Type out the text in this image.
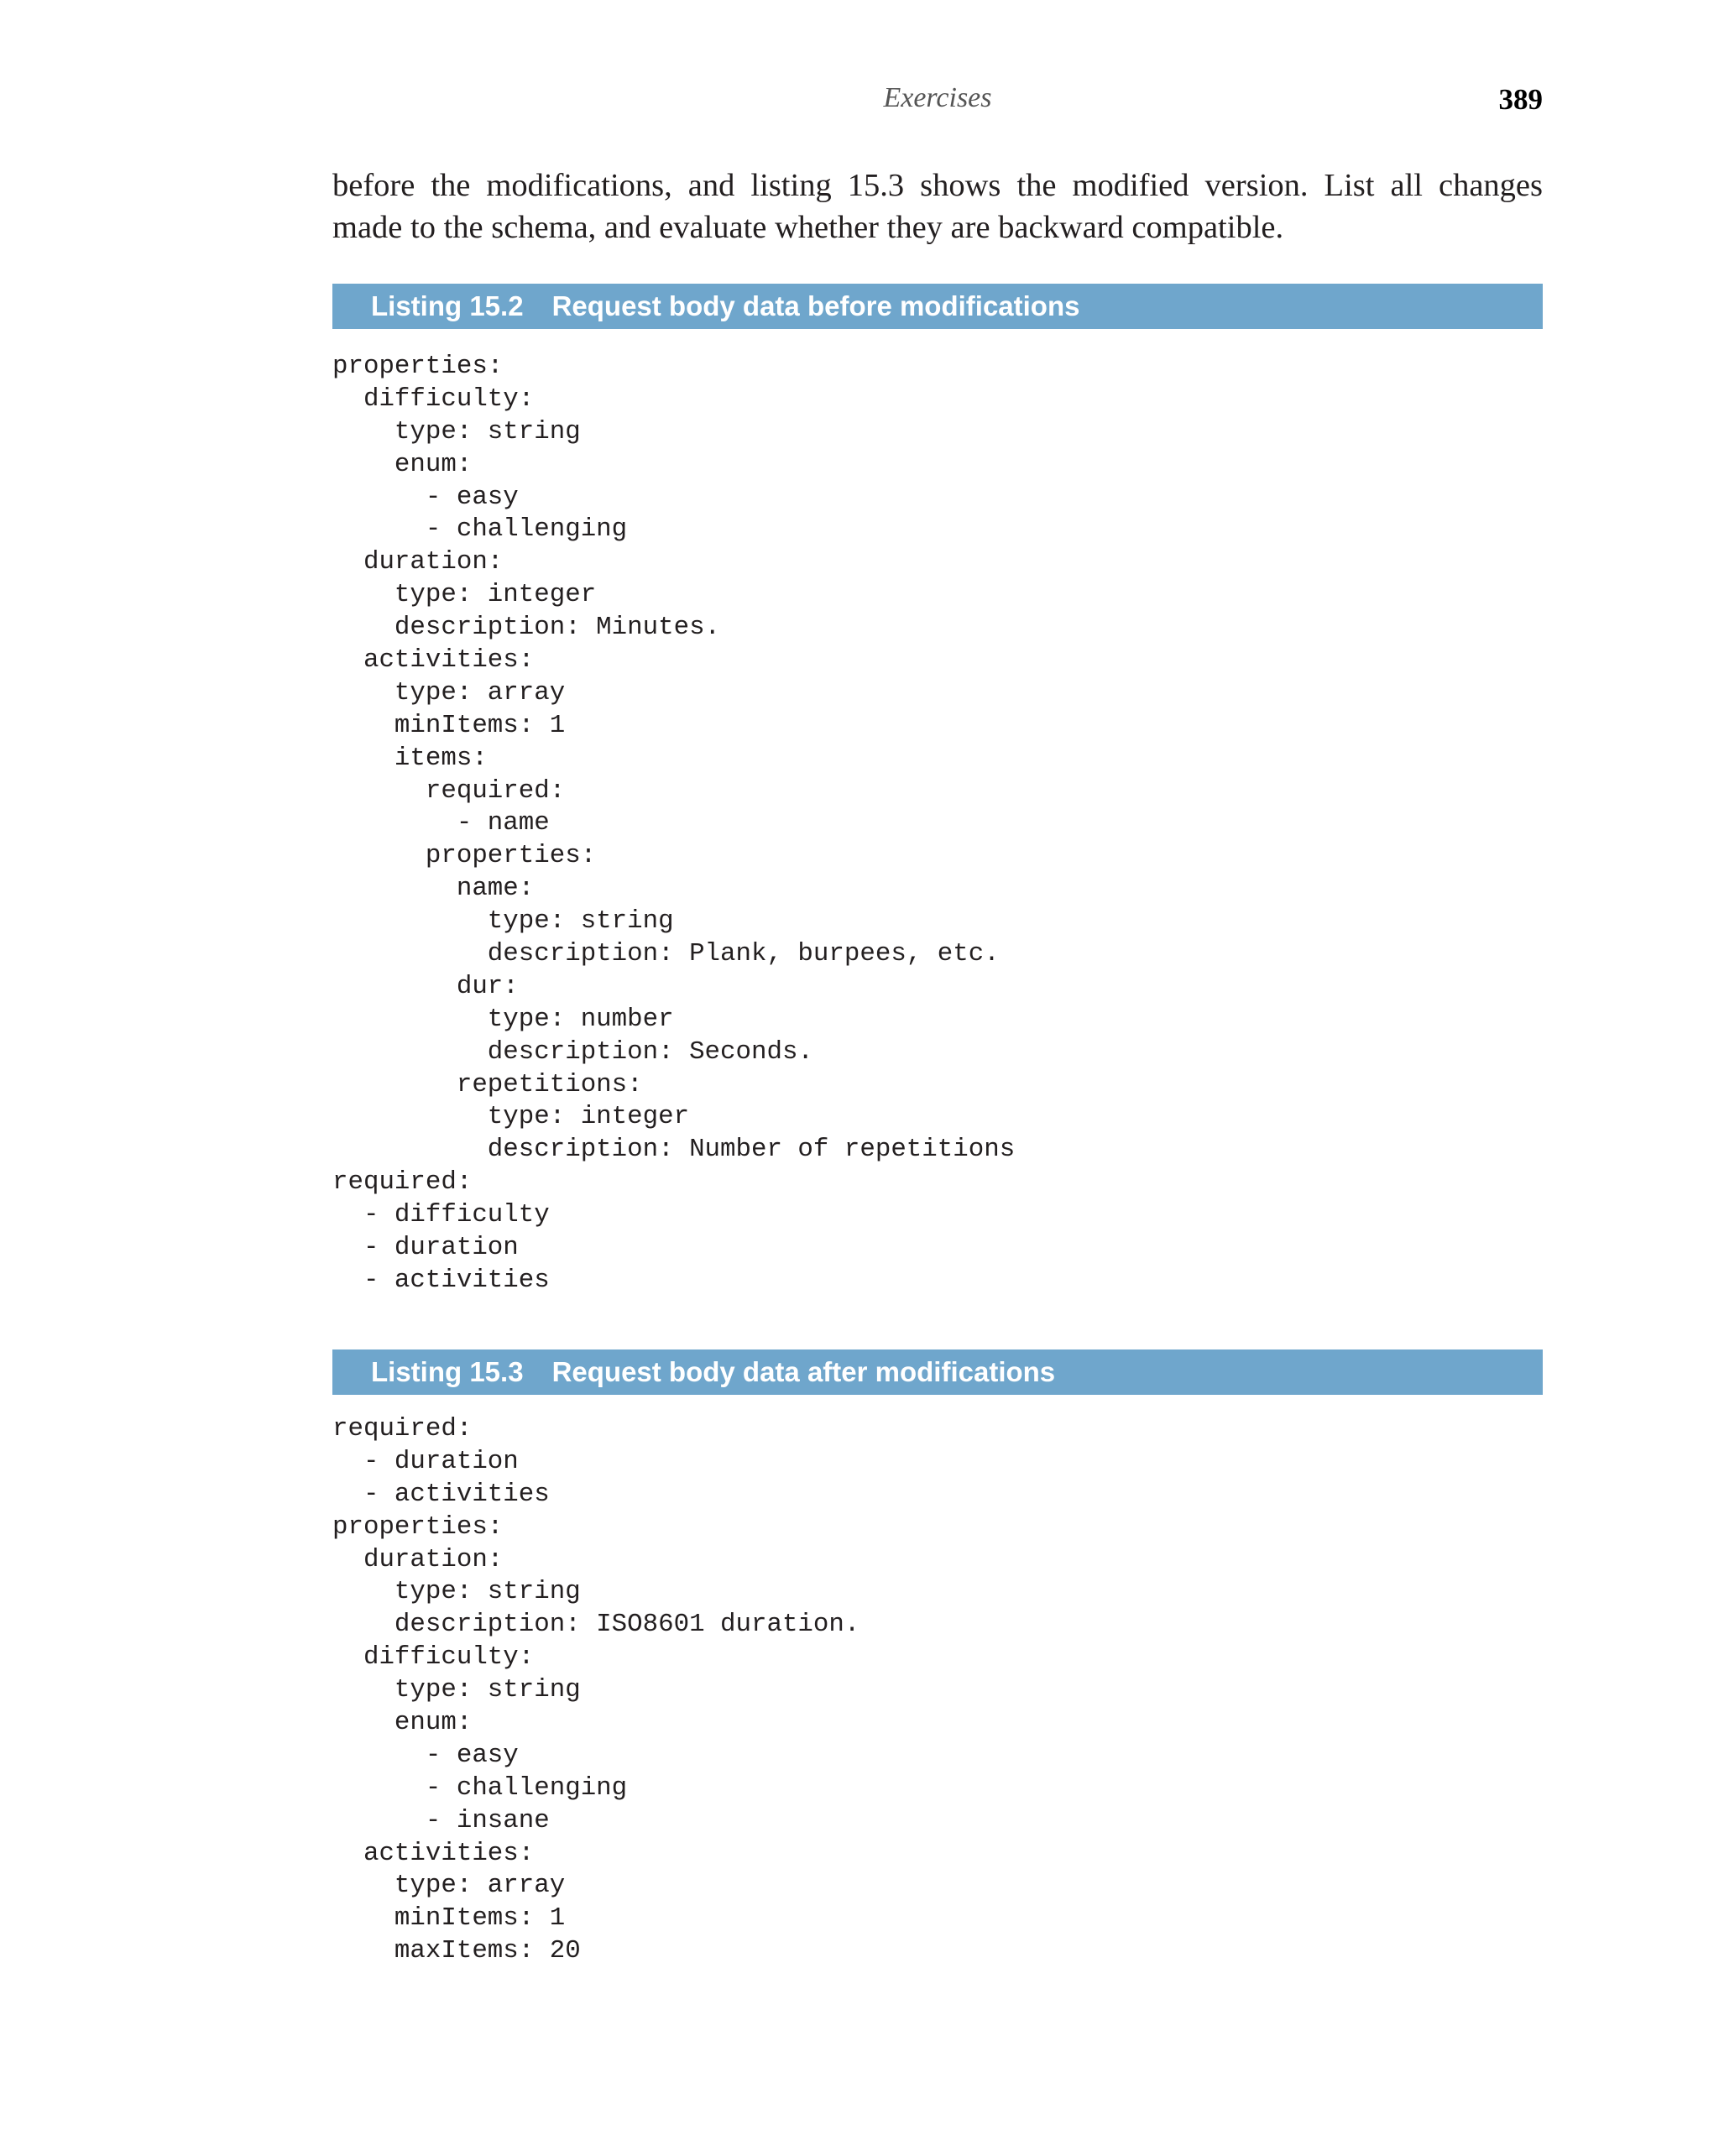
Exercises	389
before the modifications, and listing 15.3 shows the modified version. List all changes
made to the schema, and evaluate whether they are backward compatible.
Listing 15.2 Request body data before modifications
properties:
difficulty:
type: string
enum:
- easy
- challenging
duration:
type: integer
description: Minutes.
activities:
type: array
minItems: 1
items:
required:
- name
properties:
name:
type: string
description: Plank, burpees, etc.
dur:
type: number
description: Seconds.
repetitions:
type: integer
description: Number of repetitions
required:
- difficulty
- duration
- activities
Listing 15.3 Request body data after modifications
required:
- duration
- activities
properties:
duration:
type: string
description: ISO8601 duration.
difficulty:
type: string
enum:
- easy
- challenging
- insane
activities:
type: array
minItems: 1
maxItems: 20
